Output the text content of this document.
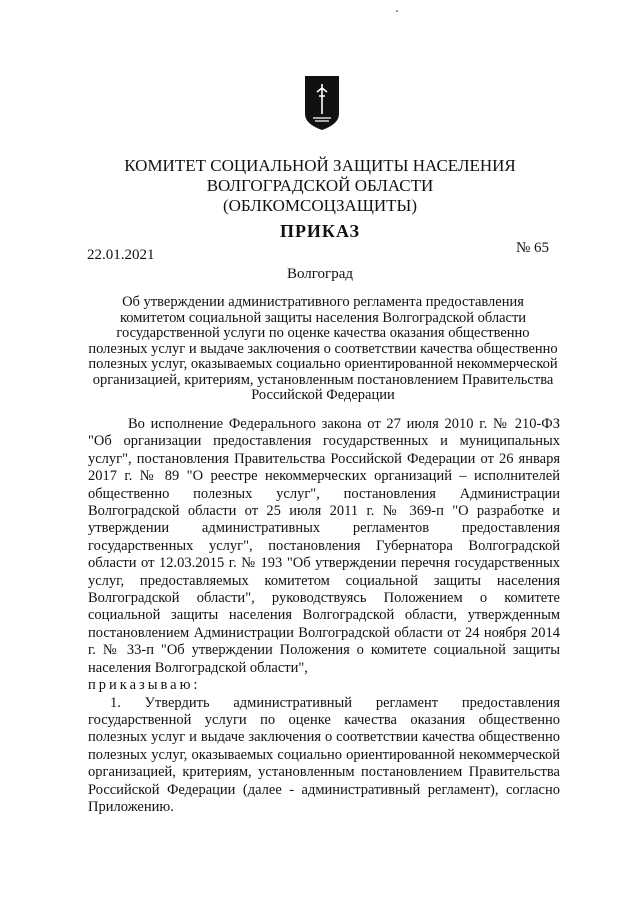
КОМИТЕТ СОЦИАЛЬНОЙ ЗАЩИТЫ НАСЕЛЕНИЯ
ВОЛГОГРАДСКОЙ ОБЛАСТИ
(ОБЛКОМСОЦЗАЩИТЫ)
ПРИКАЗ
22.01.2021	№ 65
Волгоград
Об утверждении административного регламента предоставления комитетом социальной защиты населения Волгоградской области государственной услуги по оценке качества оказания общественно полезных услуг и выдаче заключения о соответствии качества общественно полезных услуг, оказываемых социально ориентированной некоммерческой организацией, критериям, установленным постановлением Правительства Российской Федерации

Во исполнение Федерального закона от 27 июля 2010 г. № 210-ФЗ "Об организации предоставления государственных и муниципальных услуг", постановления Правительства Российской Федерации от 26 января 2017 г. № 89 "О реестре некоммерческих организаций – исполнителей общественно полезных услуг", постановления Администрации Волгоградской области от 25 июля 2011 г. № 369-п "О разработке и утверждении административных регламентов предоставления государственных услуг", постановления Губернатора Волгоградской области от 12.03.2015 г. № 193 "Об утверждении перечня государственных услуг, предоставляемых комитетом социальной защиты населения Волгоградской области", руководствуясь Положением о комитете социальной защиты населения Волгоградской области, утвержденным постановлением Администрации Волгоградской области от 24 ноября 2014 г. № 33-п "Об утверждении Положения о комитете социальной защиты населения Волгоградской области",
приказываю:

1. Утвердить административный регламент предоставления государственной услуги по оценке качества оказания общественно полезных услуг и выдаче заключения о соответствии качества общественно полезных услуг, оказываемых социально ориентированной некоммерческой организацией, критериям, установленным постановлением Правительства Российской Федерации (далее - административный регламент), согласно Приложению.
